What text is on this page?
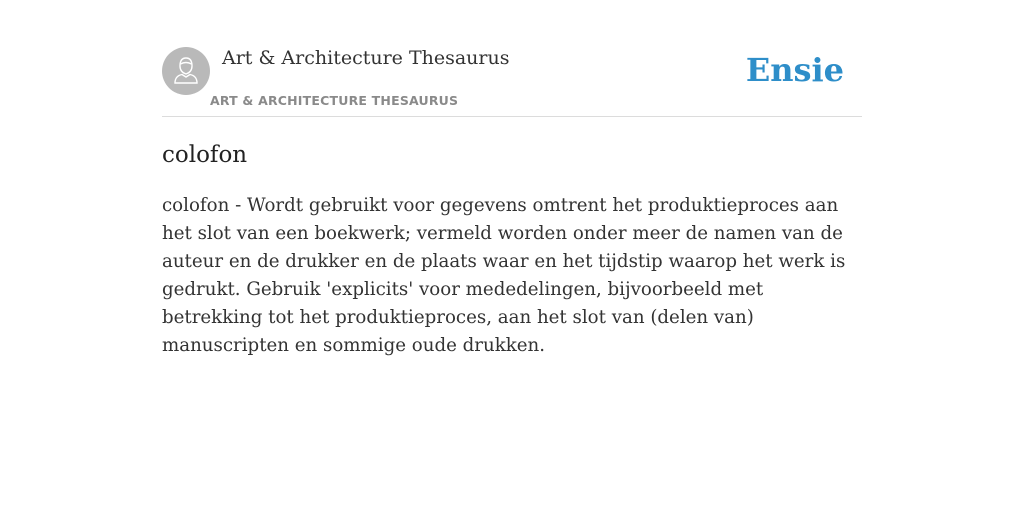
Art & Architecture Thesaurus
ART & ARCHITECTURE THESAURUS
Ensie
colofon

colofon - Wordt gebruikt voor gegevens omtrent het produktieproces aan het slot van een boekwerk; vermeld worden onder meer de namen van de auteur en de drukker en de plaats waar en het tijdstip waarop het werk is gedrukt. Gebruik 'explicits' voor mededelingen, bijvoorbeeld met betrekking tot het produktieproces, aan het slot van (delen van) manuscripten en sommige oude drukken.
